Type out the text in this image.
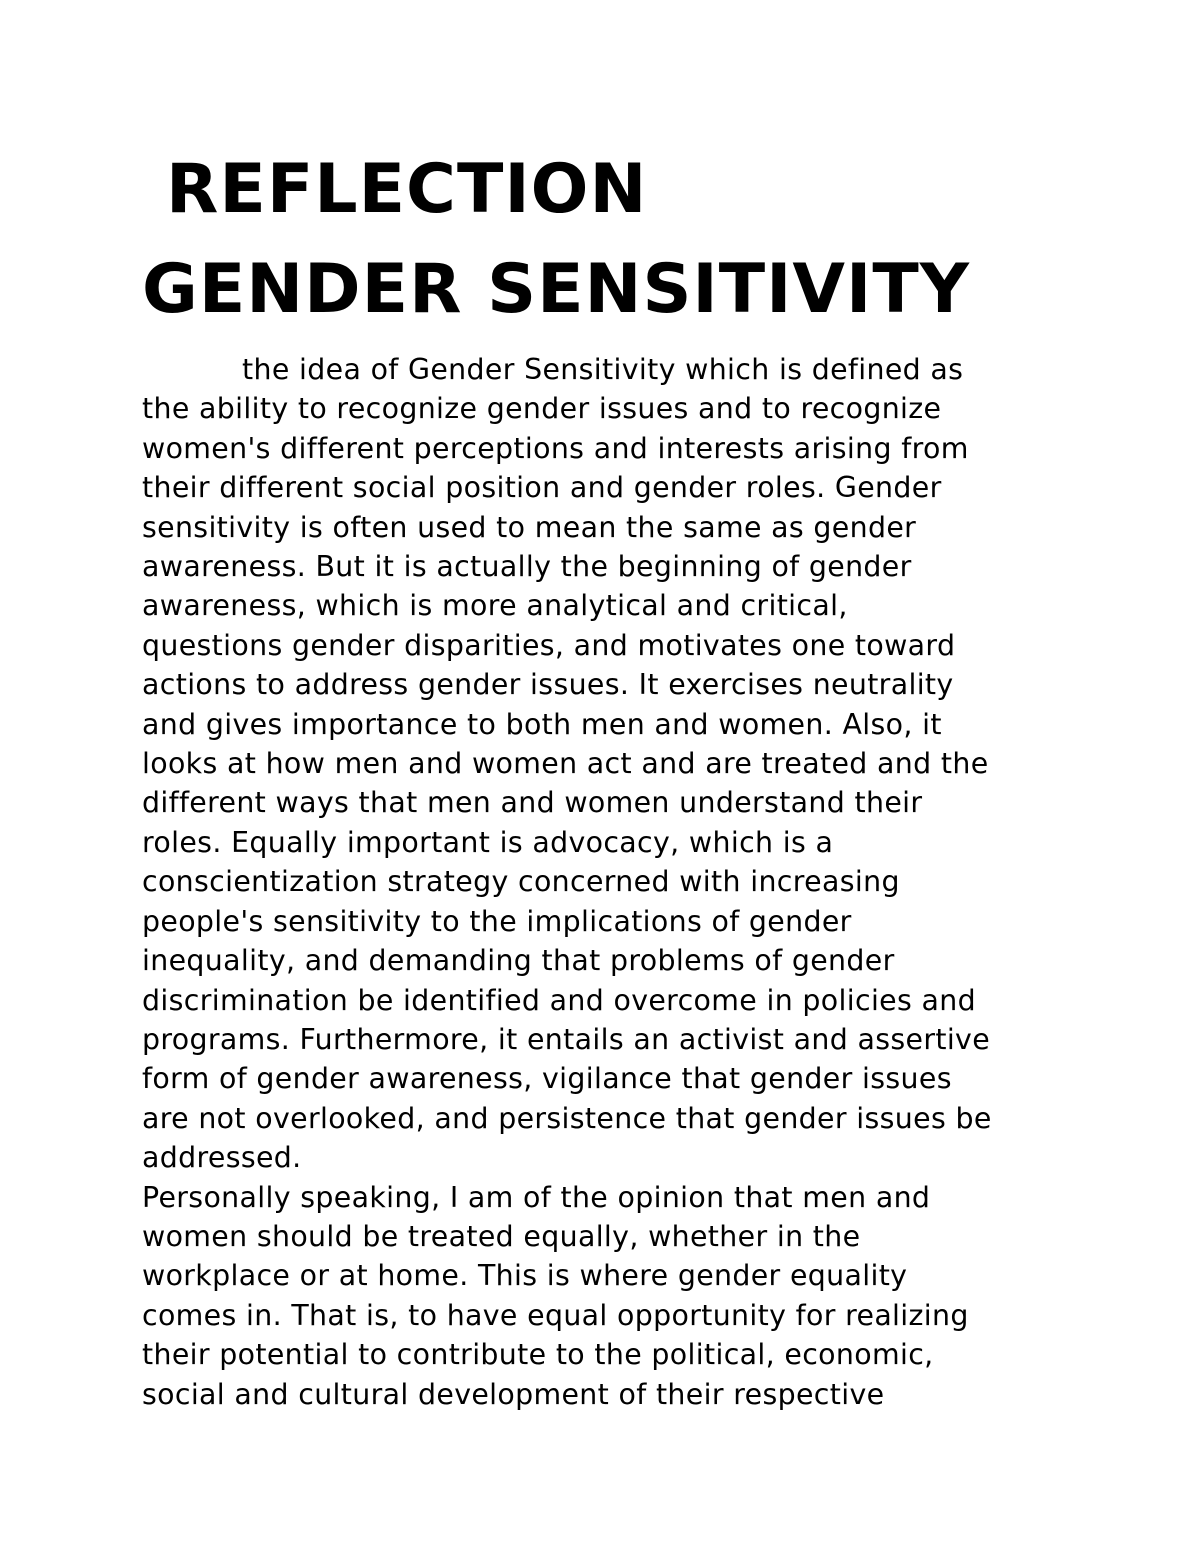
REFLECTION
GENDER SENSITIVITY
the idea of Gender Sensitivity which is defined as
the ability to recognize gender issues and to recognize
women's different perceptions and interests arising from
their different social position and gender roles. Gender
sensitivity is often used to mean the same as gender
awareness. But it is actually the beginning of gender
awareness, which is more analytical and critical,
questions gender disparities, and motivates one toward
actions to address gender issues. It exercises neutrality
and gives importance to both men and women. Also, it
looks at how men and women act and are treated and the
different ways that men and women understand their
roles. Equally important is advocacy, which is a
conscientization strategy concerned with increasing
people's sensitivity to the implications of gender
inequality, and demanding that problems of gender
discrimination be identified and overcome in policies and
programs. Furthermore, it entails an activist and assertive
form of gender awareness, vigilance that gender issues
are not overlooked, and persistence that gender issues be
addressed.
Personally speaking, I am of the opinion that men and
women should be treated equally, whether in the
workplace or at home. This is where gender equality
comes in. That is, to have equal opportunity for realizing
their potential to contribute to the political, economic,
social and cultural development of their respective
